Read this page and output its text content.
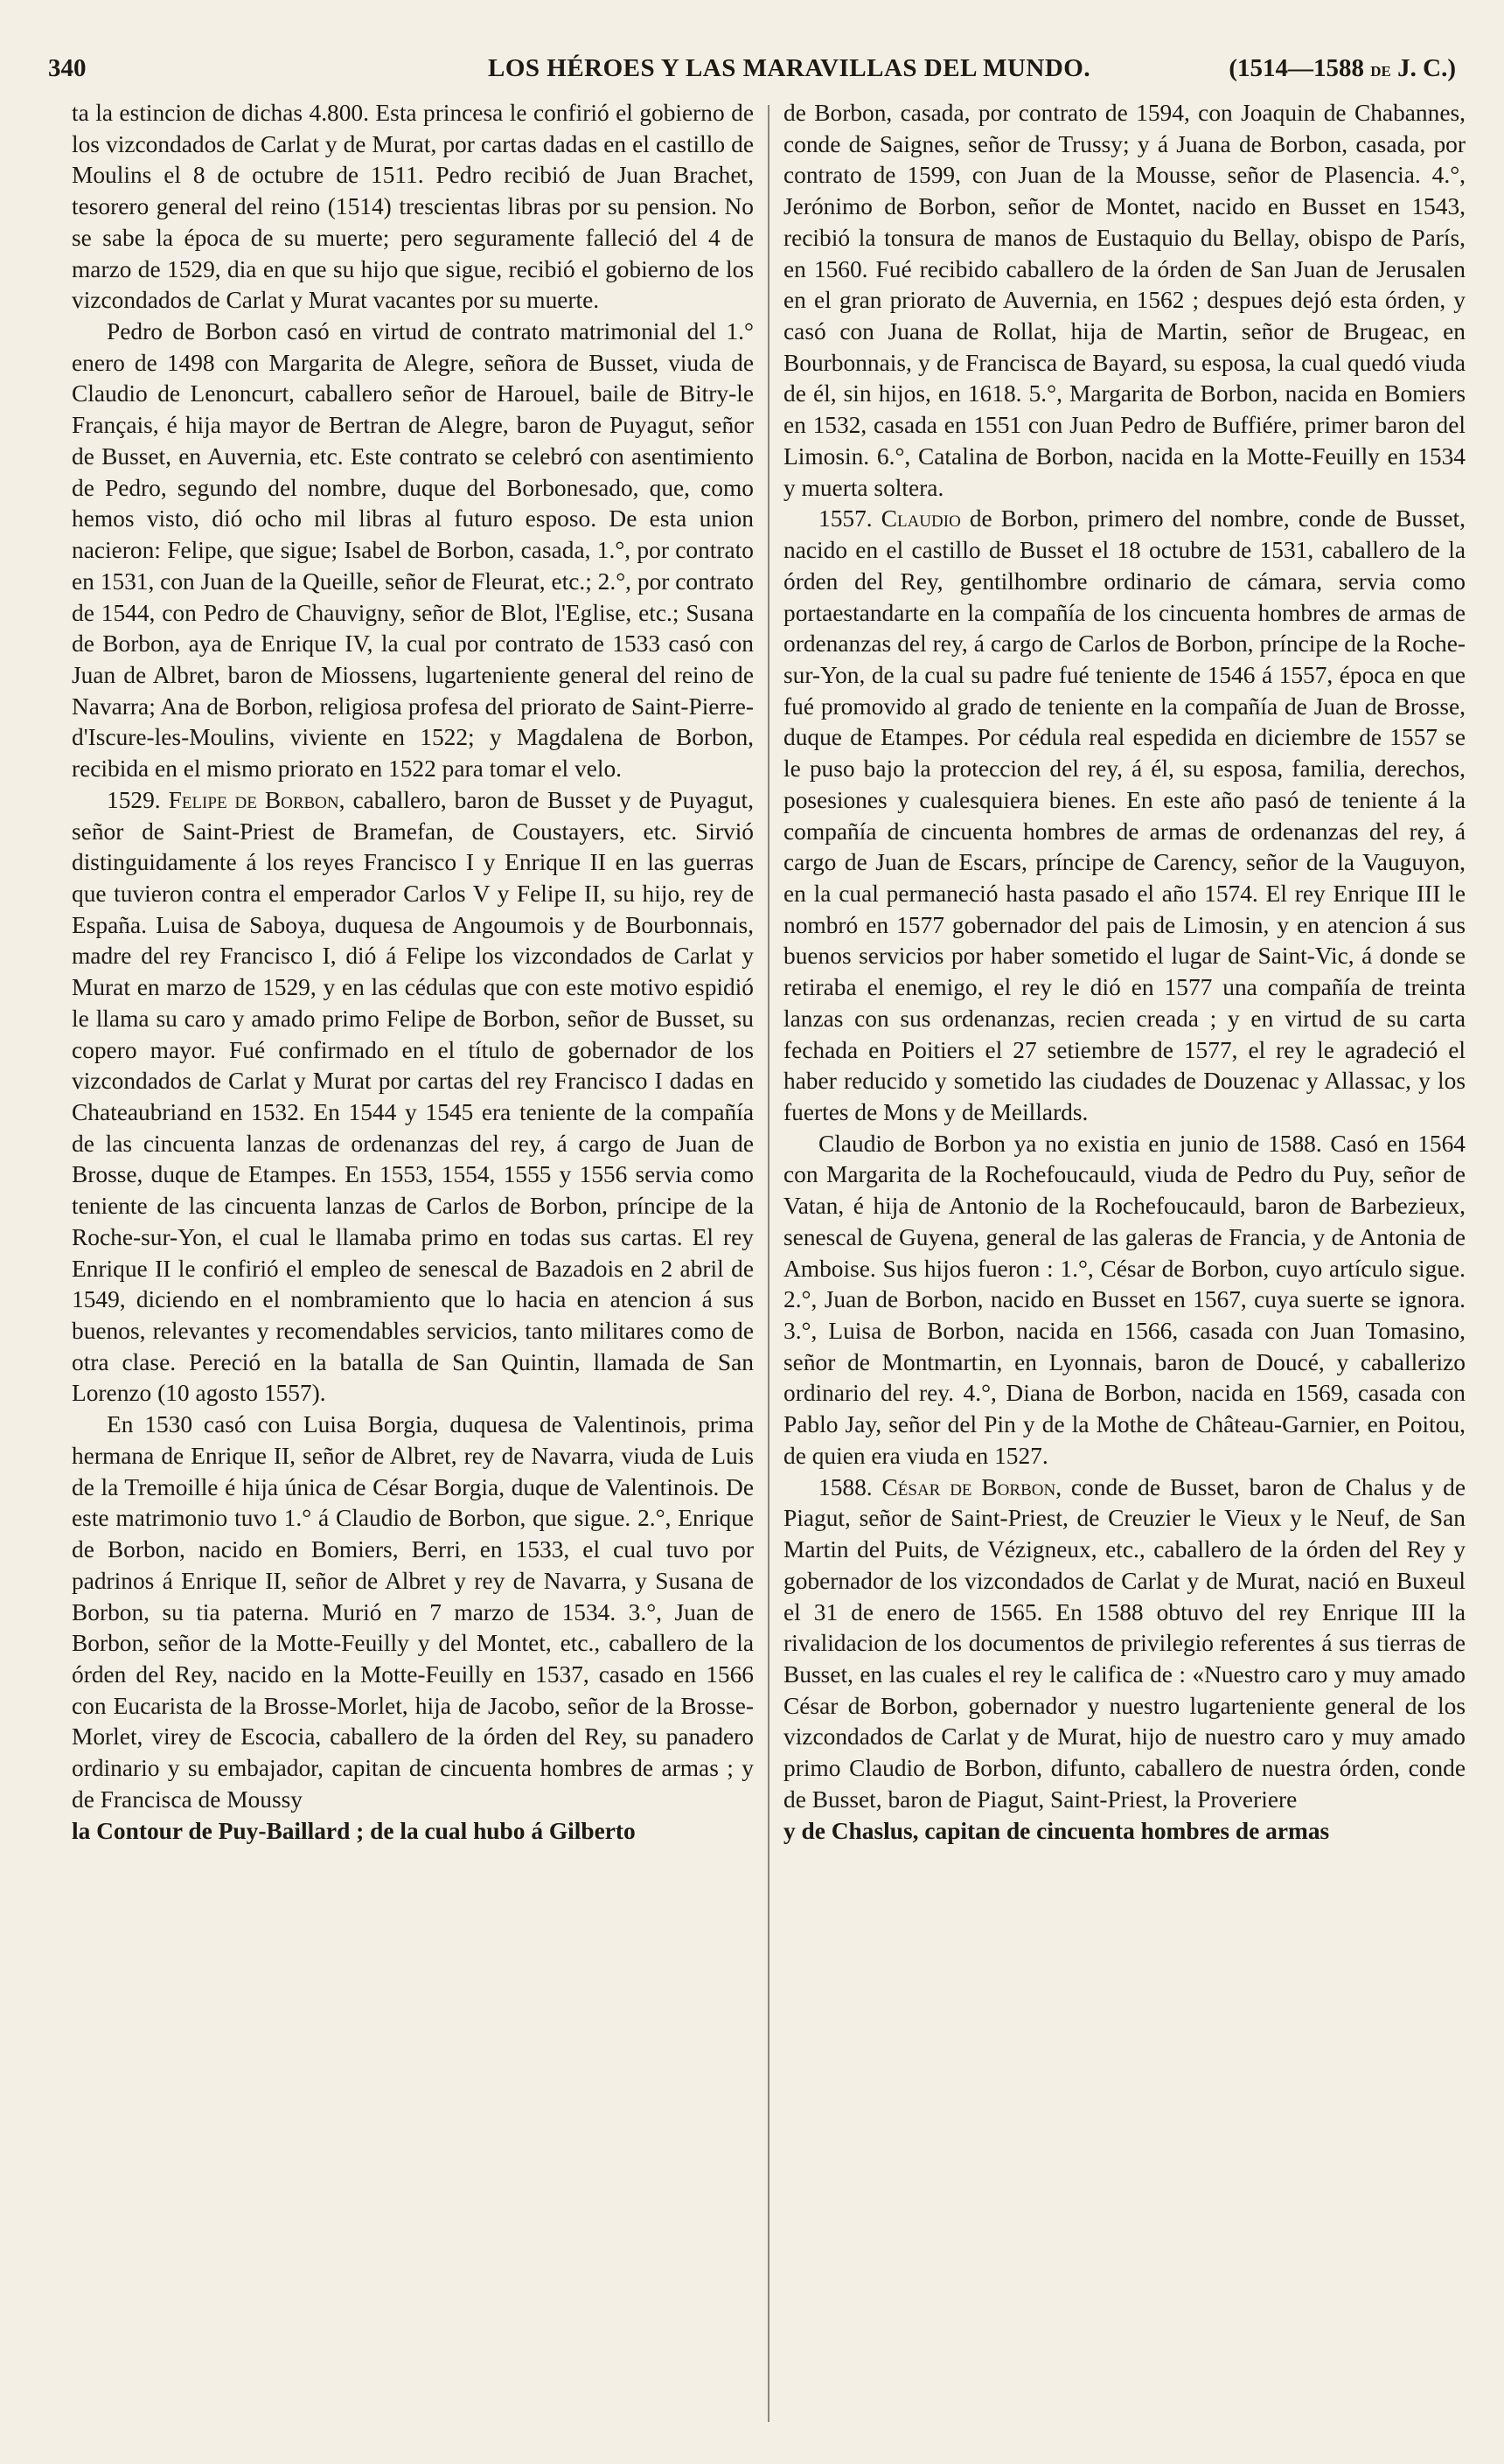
340	LOS HÉROES Y LAS MARAVILLAS DEL MUNDO.	(1514—1588 DE J. C.)

ta la estincion de dichas 4.800. Esta princesa le confirió el gobierno de los vizcondados de Carlat y de Murat, por cartas dadas en el castillo de Moulins el 8 de octubre de 1511. Pedro recibió de Juan Brachet, tesorero general del reino (1514) trescientas libras por su pension. No se sabe la época de su muerte; pero seguramente falleció del 4 de marzo de 1529, dia en que su hijo que sigue, recibió el gobierno de los vizcondados de Carlat y Murat vacantes por su muerte.

Pedro de Borbon casó en virtud de contrato matrimonial del 1.° enero de 1498 con Margarita de Alegre, señora de Busset, viuda de Claudio de Lenoncurt, caballero señor de Harouel, baile de Bitry-le Français, é hija mayor de Bertran de Alegre, baron de Puyagut, señor de Busset, en Auvernia, etc. Este contrato se celebró con asentimiento de Pedro, segundo del nombre, duque del Borbonesado, que, como hemos visto, dió ocho mil libras al futuro esposo. De esta union nacieron: Felipe, que sigue; Isabel de Borbon, casada, 1.°, por contrato en 1531, con Juan de la Queille, señor de Fleurat, etc.; 2.°, por contrato de 1544, con Pedro de Chauvigny, señor de Blot, l'Eglise, etc.; Susana de Borbon, aya de Enrique IV, la cual por contrato de 1533 casó con Juan de Albret, baron de Miossens, lugarteniente general del reino de Navarra; Ana de Borbon, religiosa profesa del priorato de Saint-Pierre-d'Iscure-les-Moulins, viviente en 1522; y Magdalena de Borbon, recibida en el mismo priorato en 1522 para tomar el velo.

1529. Felipe de Borbon, caballero, baron de Busset y de Puyagut, señor de Saint-Priest de Bramefan, de Coustayers, etc. Sirvió distinguidamente á los reyes Francisco I y Enrique II en las guerras que tuvieron contra el emperador Carlos V y Felipe II, su hijo, rey de España. Luisa de Saboya, duquesa de Angoumois y de Bourbonnais, madre del rey Francisco I, dió á Felipe los vizcondados de Carlat y Murat en marzo de 1529, y en las cédulas que con este motivo espidió le llama su caro y amado primo Felipe de Borbon, señor de Busset, su copero mayor. Fué confirmado en el título de gobernador de los vizcondados de Carlat y Murat por cartas del rey Francisco I dadas en Chateaubriand en 1532. En 1544 y 1545 era teniente de la compañía de las cincuenta lanzas de ordenanzas del rey, á cargo de Juan de Brosse, duque de Etampes. En 1553, 1554, 1555 y 1556 servia como teniente de las cincuenta lanzas de Carlos de Borbon, príncipe de la Roche-sur-Yon, el cual le llamaba primo en todas sus cartas. El rey Enrique II le confirió el empleo de senescal de Bazadois en 2 abril de 1549, diciendo en el nombramiento que lo hacia en atencion á sus buenos, relevantes y recomendables servicios, tanto militares como de otra clase. Pereció en la batalla de San Quintin, llamada de San Lorenzo (10 agosto 1557).

En 1530 casó con Luisa Borgia, duquesa de Valentinois, prima hermana de Enrique II, señor de Albret, rey de Navarra, viuda de Luis de la Tremoille é hija única de César Borgia, duque de Valentinois. De este matrimonio tuvo 1.° á Claudio de Borbon, que sigue. 2.°, Enrique de Borbon, nacido en Bomiers, Berri, en 1533, el cual tuvo por padrinos á Enrique II, señor de Albret y rey de Navarra, y Susana de Borbon, su tia paterna. Murió en 7 marzo de 1534. 3.°, Juan de Borbon, señor de la Motte-Feuilly y del Montet, etc., caballero de la órden del Rey, nacido en la Motte-Feuilly en 1537, casado en 1566 con Eucarista de la Brosse-Morlet, hija de Jacobo, señor de la Brosse-Morlet, virey de Escocia, caballero de la órden del Rey, su panadero ordinario y su embajador, capitan de cincuenta hombres de armas ; y de Francisca de Moussy

la Contour de Puy-Baillard ; de la cual hubo á Gilberto

de Borbon, casada, por contrato de 1594, con Joaquin de Chabannes, conde de Saignes, señor de Trussy; y á Juana de Borbon, casada, por contrato de 1599, con Juan de la Mousse, señor de Plasencia. 4.°, Jerónimo de Borbon, señor de Montet, nacido en Busset en 1543, recibió la tonsura de manos de Eustaquio du Bellay, obispo de París, en 1560. Fué recibido caballero de la órden de San Juan de Jerusalen en el gran priorato de Auvernia, en 1562 ; despues dejó esta órden, y casó con Juana de Rollat, hija de Martin, señor de Brugeac, en Bourbonnais, y de Francisca de Bayard, su esposa, la cual quedó viuda de él, sin hijos, en 1618. 5.°, Margarita de Borbon, nacida en Bomiers en 1532, casada en 1551 con Juan Pedro de Buffiére, primer baron del Limosin. 6.°, Catalina de Borbon, nacida en la Motte-Feuilly en 1534 y muerta soltera.

1557. Claudio de Borbon, primero del nombre, conde de Busset, nacido en el castillo de Busset el 18 octubre de 1531, caballero de la órden del Rey, gentilhombre ordinario de cámara, servia como portaestandarte en la compañía de los cincuenta hombres de armas de ordenanzas del rey, á cargo de Carlos de Borbon, príncipe de la Roche-sur-Yon, de la cual su padre fué teniente de 1546 á 1557, época en que fué promovido al grado de teniente en la compañía de Juan de Brosse, duque de Etampes. Por cédula real espedida en diciembre de 1557 se le puso bajo la proteccion del rey, á él, su esposa, familia, derechos, posesiones y cualesquiera bienes. En este año pasó de teniente á la compañía de cincuenta hombres de armas de ordenanzas del rey, á cargo de Juan de Escars, príncipe de Carency, señor de la Vauguyon, en la cual permaneció hasta pasado el año 1574. El rey Enrique III le nombró en 1577 gobernador del pais de Limosin, y en atencion á sus buenos servicios por haber sometido el lugar de Saint-Vic, á donde se retiraba el enemigo, el rey le dió en 1577 una compañía de treinta lanzas con sus ordenanzas, recien creada ; y en virtud de su carta fechada en Poitiers el 27 setiembre de 1577, el rey le agradeció el haber reducido y sometido las ciudades de Douzenac y Allassac, y los fuertes de Mons y de Meillards.

Claudio de Borbon ya no existia en junio de 1588. Casó en 1564 con Margarita de la Rochefoucauld, viuda de Pedro du Puy, señor de Vatan, é hija de Antonio de la Rochefoucauld, baron de Barbezieux, senescal de Guyena, general de las galeras de Francia, y de Antonia de Amboise. Sus hijos fueron : 1.°, César de Borbon, cuyo artículo sigue. 2.°, Juan de Borbon, nacido en Busset en 1567, cuya suerte se ignora. 3.°, Luisa de Borbon, nacida en 1566, casada con Juan Tomasino, señor de Montmartin, en Lyonnais, baron de Doucé, y caballerizo ordinario del rey. 4.°, Diana de Borbon, nacida en 1569, casada con Pablo Jay, señor del Pin y de la Mothe de Château-Garnier, en Poitou, de quien era viuda en 1527.

1588. César de Borbon, conde de Busset, baron de Chalus y de Piagut, señor de Saint-Priest, de Creuzier le Vieux y le Neuf, de San Martin del Puits, de Vézigneux, etc., caballero de la órden del Rey y gobernador de los vizcondados de Carlat y de Murat, nació en Buxeul el 31 de enero de 1565. En 1588 obtuvo del rey Enrique III la rivalidacion de los documentos de privilegio referentes á sus tierras de Busset, en las cuales el rey le califica de : «Nuestro caro y muy amado César de Borbon, gobernador y nuestro lugarteniente general de los vizcondados de Carlat y de Murat, hijo de nuestro caro y muy amado primo Claudio de Borbon, difunto, caballero de nuestra órden, conde de Busset, baron de Piagut, Saint-Priest, la Proveriere

y de Chaslus, capitan de cincuenta hombres de armas
